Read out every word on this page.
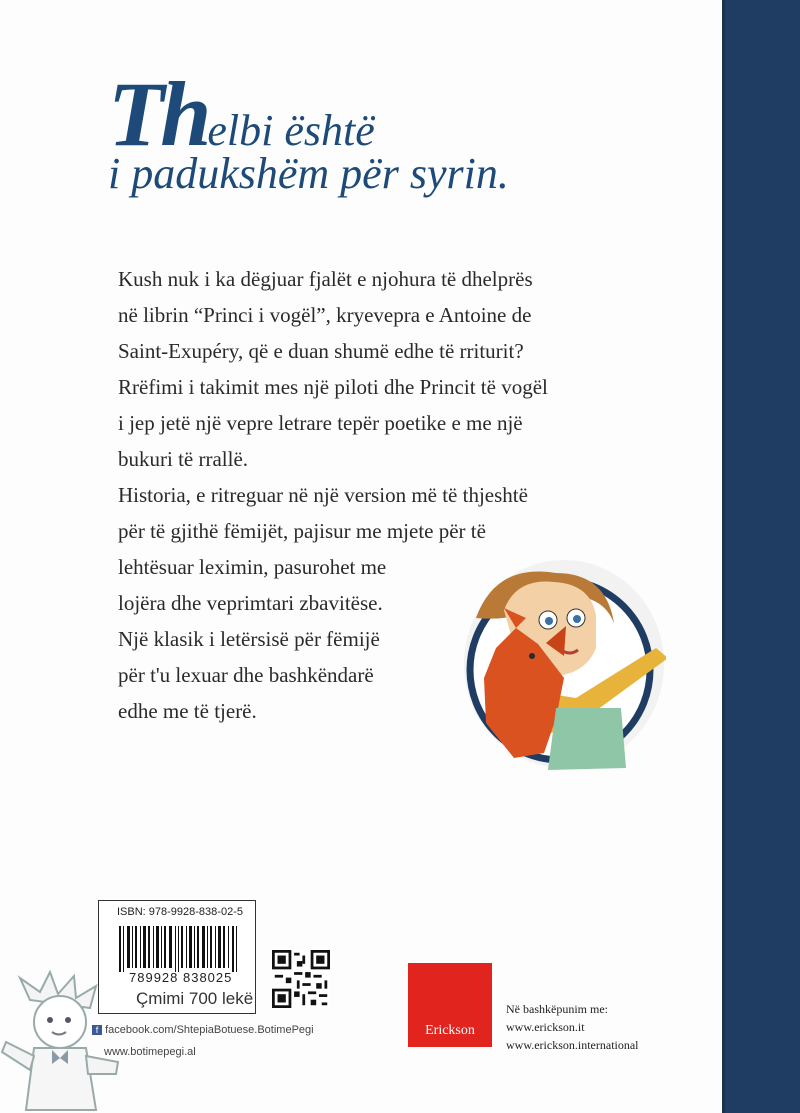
Thelbi është
i padukshëm për syrin.
Kush nuk i ka dëgjuar fjalët e njohura të dhelprës
në librin “Princi i vogël”, kryevepra e Antoine de
Saint-Exupéry, që e duan shumë edhe të rriturit?
Rrëfimi i takimit mes një piloti dhe Princit të vogël
i jep jetë një vepre letrare tepër poetike e me një
bukuri të rrallë.
Historia, e ritreguar në një version më të thjeshtë
për të gjithë fëmijët, pajisur me mjete për të
lehtësuar leximin, pasurohet me
lojëra dhe veprimtari zbavitëse.
Një klasik i letërsisë për fëmijë
për t'u lexuar dhe bashkëndarë
edhe me të tjerë.
ISBN: 978-9928-838-02-5
789928 838025
Çmimi 700 lekë
f facebook.com/ShtepiaBotuese.BotimePegi
www.botimepegi.al
Erickson
Në bashkëpunim me:
www.erickson.it
www.erickson.international
